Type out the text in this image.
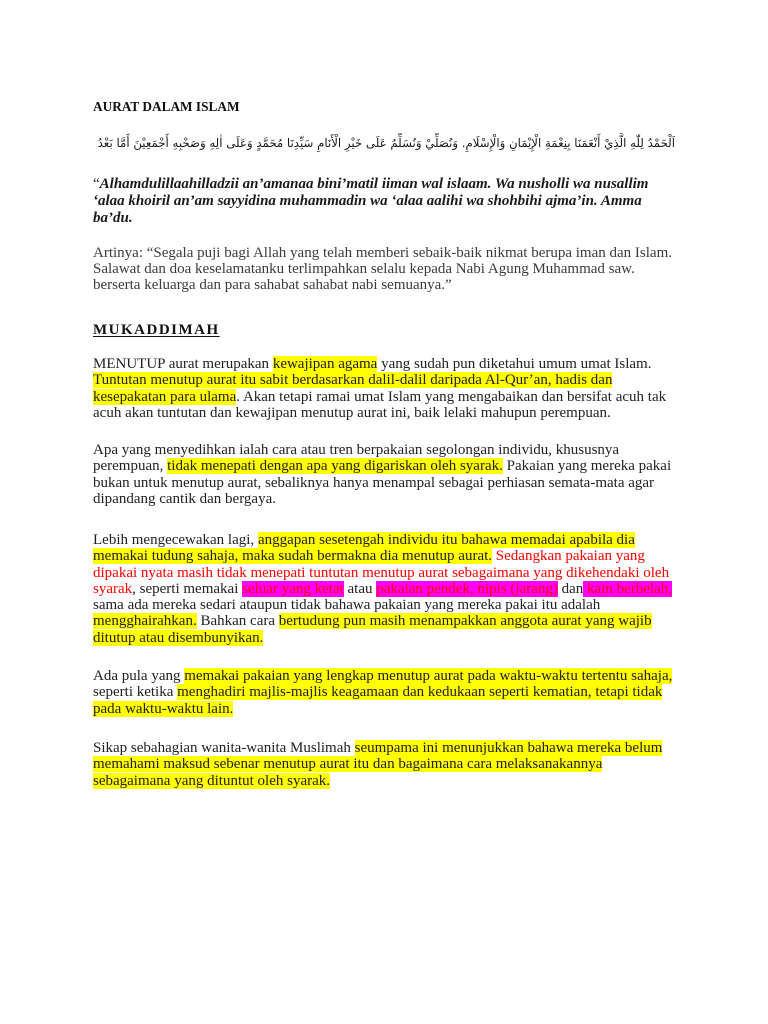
AURAT DALAM ISLAM
اَلْحَمْدُ لِلّٰهِ الَّذِيْ أَنْعَمَنَا بِنِعْمَةِ الْإِيْمَانِ وَالْإِسْلَامِ. وَنُصَلِّيْ وَنُسَلِّمُ عَلَى خَيْرِ الْأَنَامِ سَيِّدِنَا مُحَمَّدٍ وَعَلَى اٰلِهِ وَصَحْبِهِ أَجْمَعِيْنَ أَمَّا بَعْدُ
“Alhamdulillaahilladzii an’amanaa bini’matil iiman wal islaam. Wa nusholli wa nusallim
‘alaa khoiril an’am sayyidina muhammadin wa ‘alaa aalihi wa shohbihi ajma’in. Amma
ba’du.
Artinya: “Segala puji bagi Allah yang telah memberi sebaik-baik nikmat berupa iman dan Islam.
Salawat dan doa keselamatanku terlimpahkan selalu kepada Nabi Agung Muhammad saw.
berserta keluarga dan para sahabat sahabat nabi semuanya.”
MUKADDIMAH
MENUTUP aurat merupakan kewajipan agama yang sudah pun diketahui umum umat Islam.
Tuntutan menutup aurat itu sabit berdasarkan dalil-dalil daripada Al-Qur’an, hadis dan
kesepakatan para ulama. Akan tetapi ramai umat Islam yang mengabaikan dan bersifat acuh tak
acuh akan tuntutan dan kewajipan menutup aurat ini, baik lelaki mahupun perempuan.
Apa yang menyedihkan ialah cara atau tren berpakaian segolongan individu, khususnya
perempuan, tidak menepati dengan apa yang digariskan oleh syarak. Pakaian yang mereka pakai
bukan untuk menutup aurat, sebaliknya hanya menampal sebagai perhiasan semata-mata agar
dipandang cantik dan bergaya.
Lebih mengecewakan lagi, anggapan sesetengah individu itu bahawa memadai apabila dia
memakai tudung sahaja, maka sudah bermakna dia menutup aurat. Sedangkan pakaian yang
dipakai nyata masih tidak menepati tuntutan menutup aurat sebagaimana yang dikehendaki oleh
syarak, seperti memakai seluar yang ketat atau pakaian pendek, nipis (jarang) dan kain berbelah,
sama ada mereka sedari ataupun tidak bahawa pakaian yang mereka pakai itu adalah
mengghairahkan. Bahkan cara bertudung pun masih menampakkan anggota aurat yang wajib
ditutup atau disembunyikan.
Ada pula yang memakai pakaian yang lengkap menutup aurat pada waktu-waktu tertentu sahaja,
seperti ketika menghadiri majlis-majlis keagamaan dan kedukaan seperti kematian, tetapi tidak
pada waktu-waktu lain.
Sikap sebahagian wanita-wanita Muslimah seumpama ini menunjukkan bahawa mereka belum
memahami maksud sebenar menutup aurat itu dan bagaimana cara melaksanakannya
sebagaimana yang dituntut oleh syarak.
